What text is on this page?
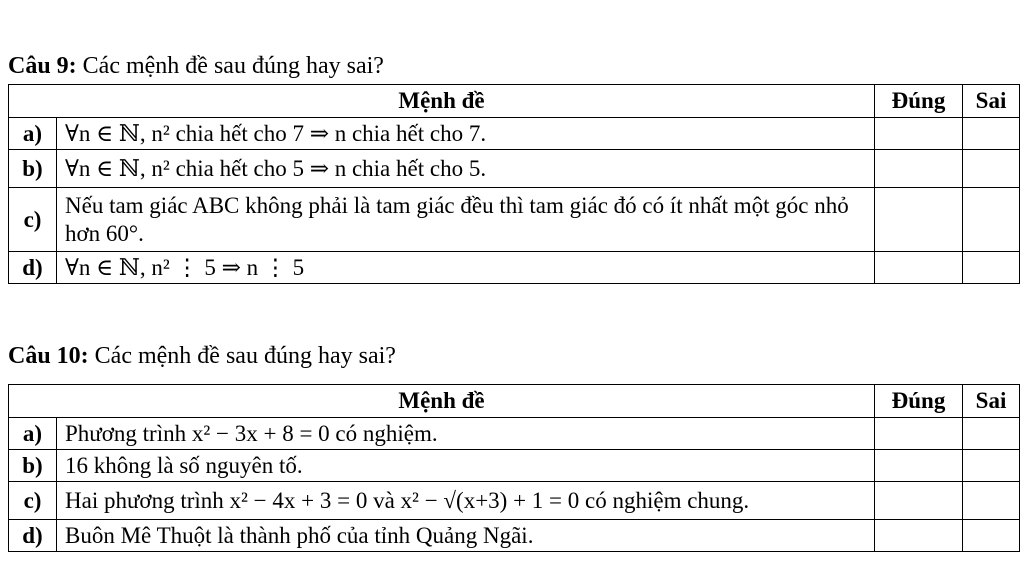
Câu 9: Các mệnh đề sau đúng hay sai?
Mệnh đề		Đúng	Sai
a)	∀n ∈ ℕ, n² chia hết cho 7 ⇒ n chia hết cho 7.		
b)	∀n ∈ ℕ, n² chia hết cho 5 ⇒ n chia hết cho 5.		
c)	Nếu tam giác ABC không phải là tam giác đều thì tam giác đó có ít nhất một góc nhỏ hơn 60°.		
d)	∀n ∈ ℕ, n² ⋮ 5 ⇒ n ⋮ 5		
Câu 10: Các mệnh đề sau đúng hay sai?
Mệnh đề		Đúng	Sai
a)	Phương trình x² − 3x + 8 = 0 có nghiệm.		
b)	16 không là số nguyên tố.		
c)	Hai phương trình x² − 4x + 3 = 0 và x² − √(x+3) + 1 = 0 có nghiệm chung.		
d)	Buôn Mê Thuột là thành phố của tỉnh Quảng Ngãi.		
